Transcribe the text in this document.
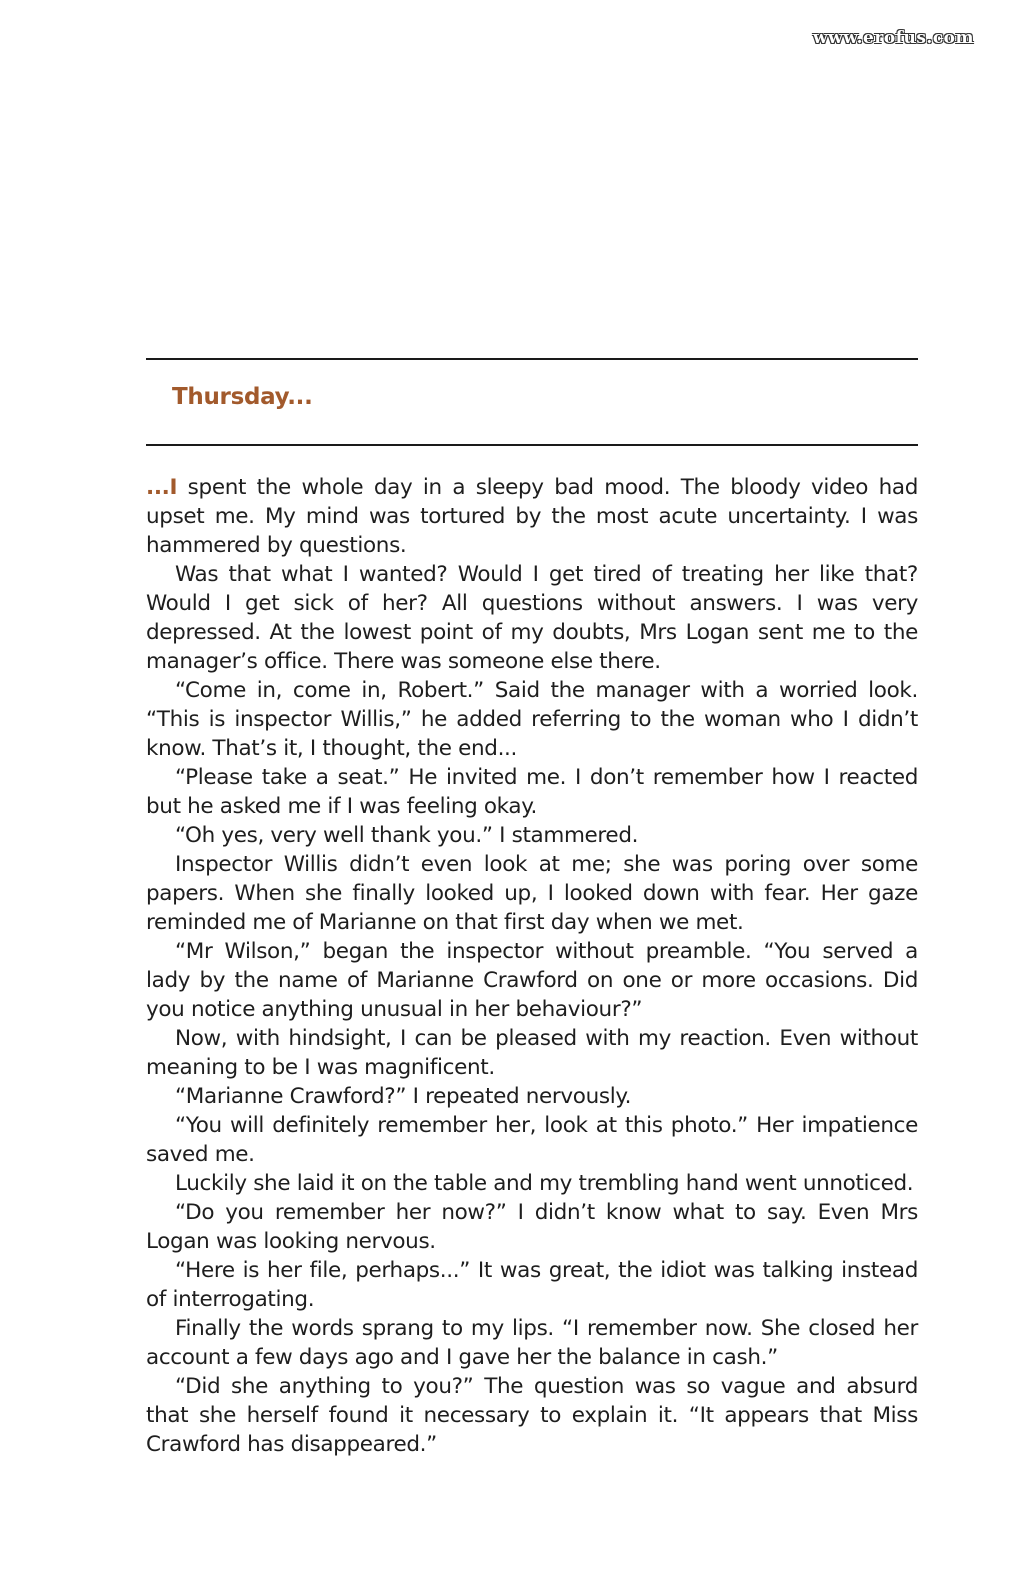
www.erofus.com
Thursday...

...I spent the whole day in a sleepy bad mood. The bloody video had upset me. My mind was tortured by the most acute uncertainty. I was hammered by questions.

Was that what I wanted? Would I get tired of treating her like that? Would I get sick of her? All questions without answers. I was very depressed. At the lowest point of my doubts, Mrs Logan sent me to the manager’s office. There was someone else there.

“Come in, come in, Robert.” Said the manager with a worried look. “This is inspector Willis,” he added referring to the woman who I didn’t know. That’s it, I thought, the end...

“Please take a seat.” He invited me. I don’t remember how I reacted but he asked me if I was feeling okay.

“Oh yes, very well thank you.” I stammered.

Inspector Willis didn’t even look at me; she was poring over some papers. When she finally looked up, I looked down with fear. Her gaze reminded me of Marianne on that first day when we met.

“Mr Wilson,” began the inspector without preamble. “You served a lady by the name of Marianne Crawford on one or more occasions. Did you notice anything unusual in her behaviour?”

Now, with hindsight, I can be pleased with my reaction. Even without meaning to be I was magnificent.

“Marianne Crawford?” I repeated nervously.

“You will definitely remember her, look at this photo.” Her impatience saved me.

Luckily she laid it on the table and my trembling hand went unnoticed.

“Do you remember her now?” I didn’t know what to say. Even Mrs Logan was looking nervous.

“Here is her file, perhaps...” It was great, the idiot was talking instead of interrogating.

Finally the words sprang to my lips. “I remember now. She closed her account a few days ago and I gave her the balance in cash.”

“Did she anything to you?” The question was so vague and absurd that she herself found it necessary to explain it. “It appears that Miss Crawford has disappeared.”
